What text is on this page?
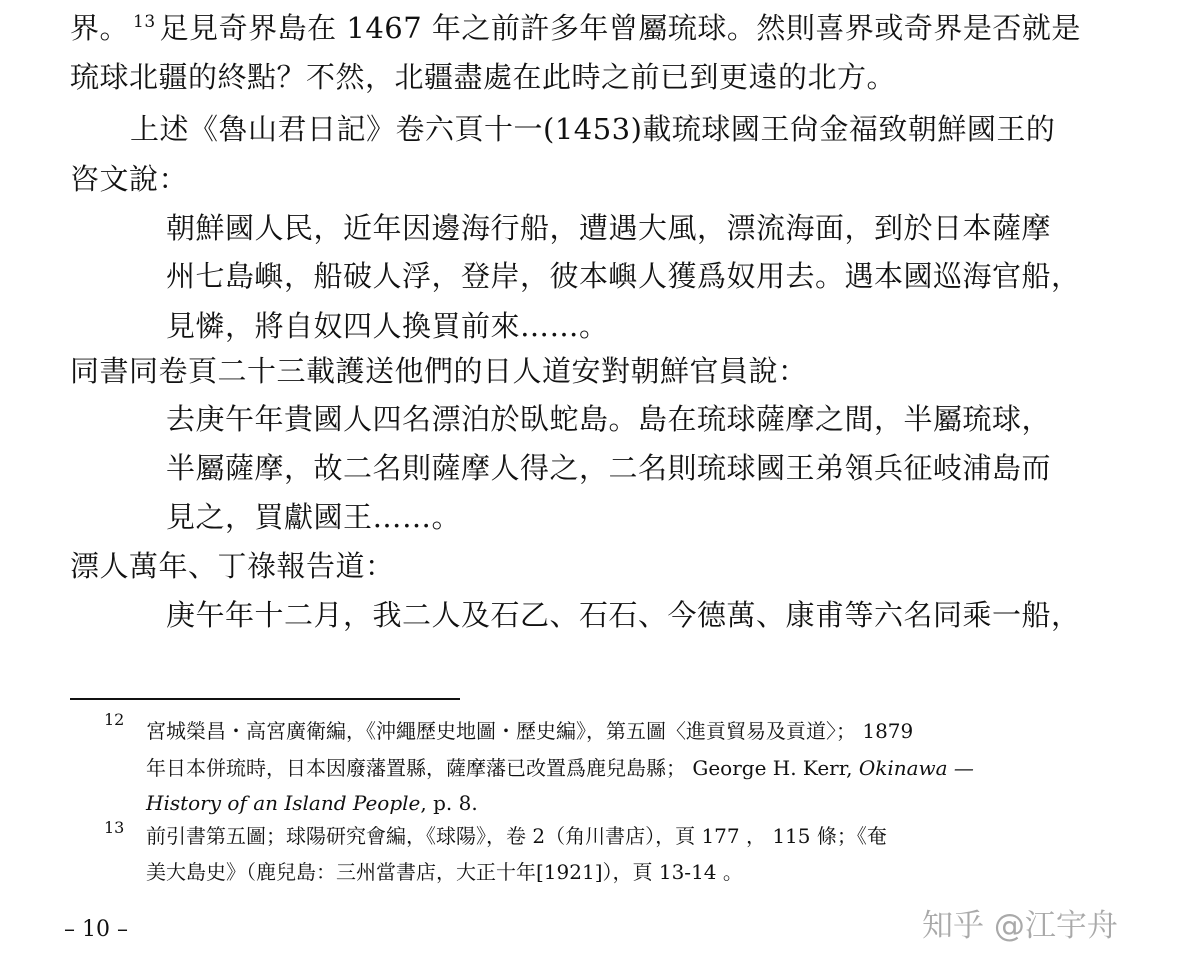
界。 $^{13}$ 足見奇界島在 1467 年之前許多年曾屬琉球。然則喜界或奇界是否就是
琉球北疆的終點？不然，北疆盡處在此時之前已到更遠的北方。
上述《魯山君日記》卷六頁十一(1453)載琉球國王尙金福致朝鮮國王的
咨文說：
朝鮮國人民，近年因邊海行船，遭遇大風，漂流海面，到於日本薩摩
州七島嶼，船破人浮，登岸，彼本嶼人獲爲奴用去。遇本國巡海官船，
見憐，將自奴四人換買前來……。
同書同卷頁二十三載護送他們的日人道安對朝鮮官員說：
去庚午年貴國人四名漂泊於臥蛇島。島在琉球薩摩之間，半屬琉球，
半屬薩摩，故二名則薩摩人得之，二名則琉球國王弟領兵征岐浦島而
見之，買獻國王……。
漂人萬年、丁祿報告道：
庚午年十二月，我二人及石乙、石石、今德萬、康甫等六名同乘一船，
12 宮城榮昌・高宮廣衛編，《沖繩歷史地圖・歷史編》，第五圖〈進貢貿易及貢道〉； 1879
年日本併琉時，日本因廢藩置縣，薩摩藩已改置爲鹿兒島縣； George H. Kerr, Okinawa —
History of an Island People, p. 8.
13 前引書第五圖；球陽研究會編，《球陽》，卷 2（角川書店），頁 177 ， 115 條；《奄
美大島史》（鹿兒島：三州當書店，大正十年[1921]），頁 13-14 。
– 10 –	知乎 @江宇舟
